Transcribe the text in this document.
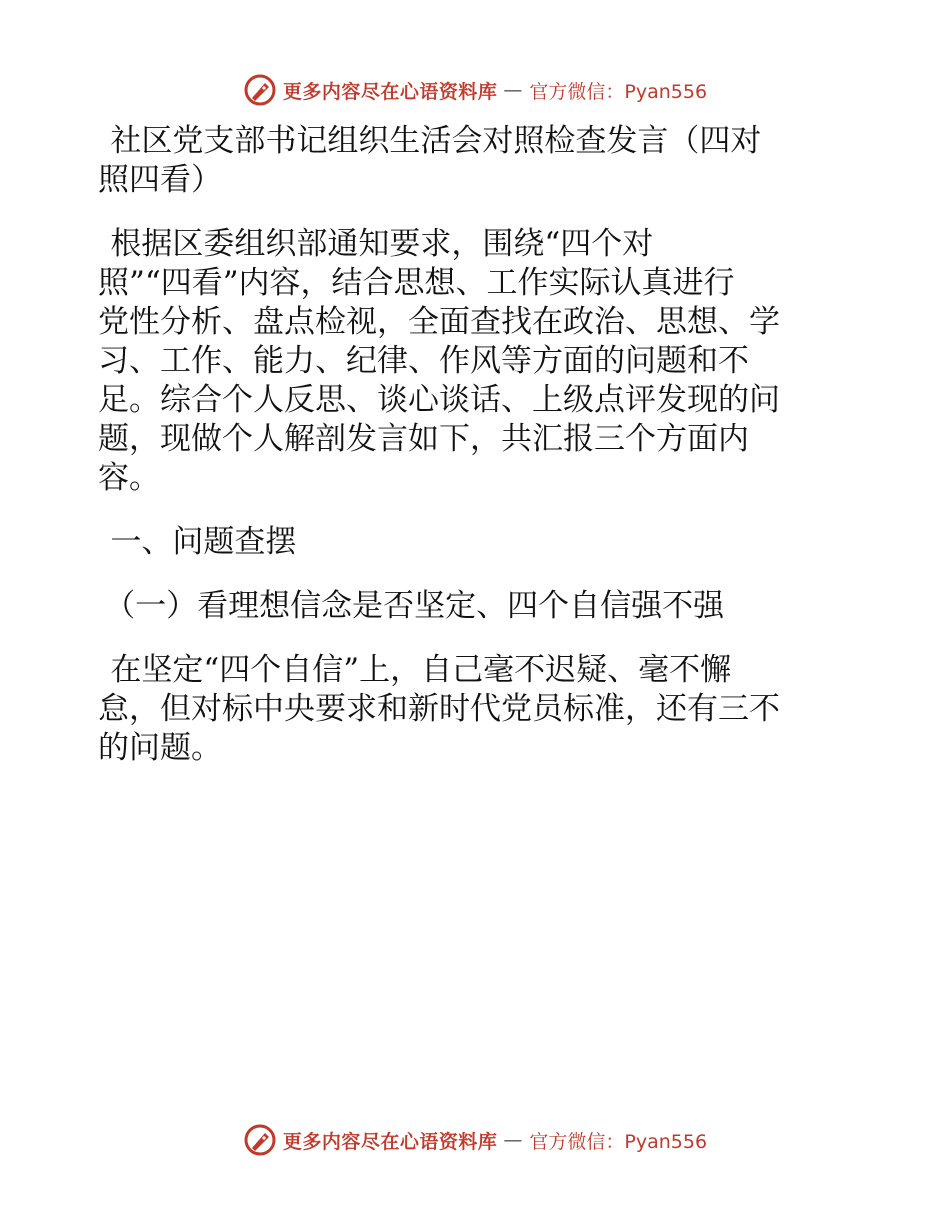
更多内容尽在心语资料库 — 官方微信：Pyan556

社区党支部书记组织生活会对照检查发言（四对
照四看）

根据区委组织部通知要求，围绕“四个对
照”“四看”内容，结合思想、工作实际认真进行
党性分析、盘点检视，全面查找在政治、思想、学
习、工作、能力、纪律、作风等方面的问题和不
足。综合个人反思、谈心谈话、上级点评发现的问
题，现做个人解剖发言如下，共汇报三个方面内
容。

一、问题查摆

（一）看理想信念是否坚定、四个自信强不强

在坚定“四个自信”上，自己毫不迟疑、毫不懈
怠，但对标中央要求和新时代党员标准，还有三不
的问题。

更多内容尽在心语资料库 — 官方微信：Pyan556
